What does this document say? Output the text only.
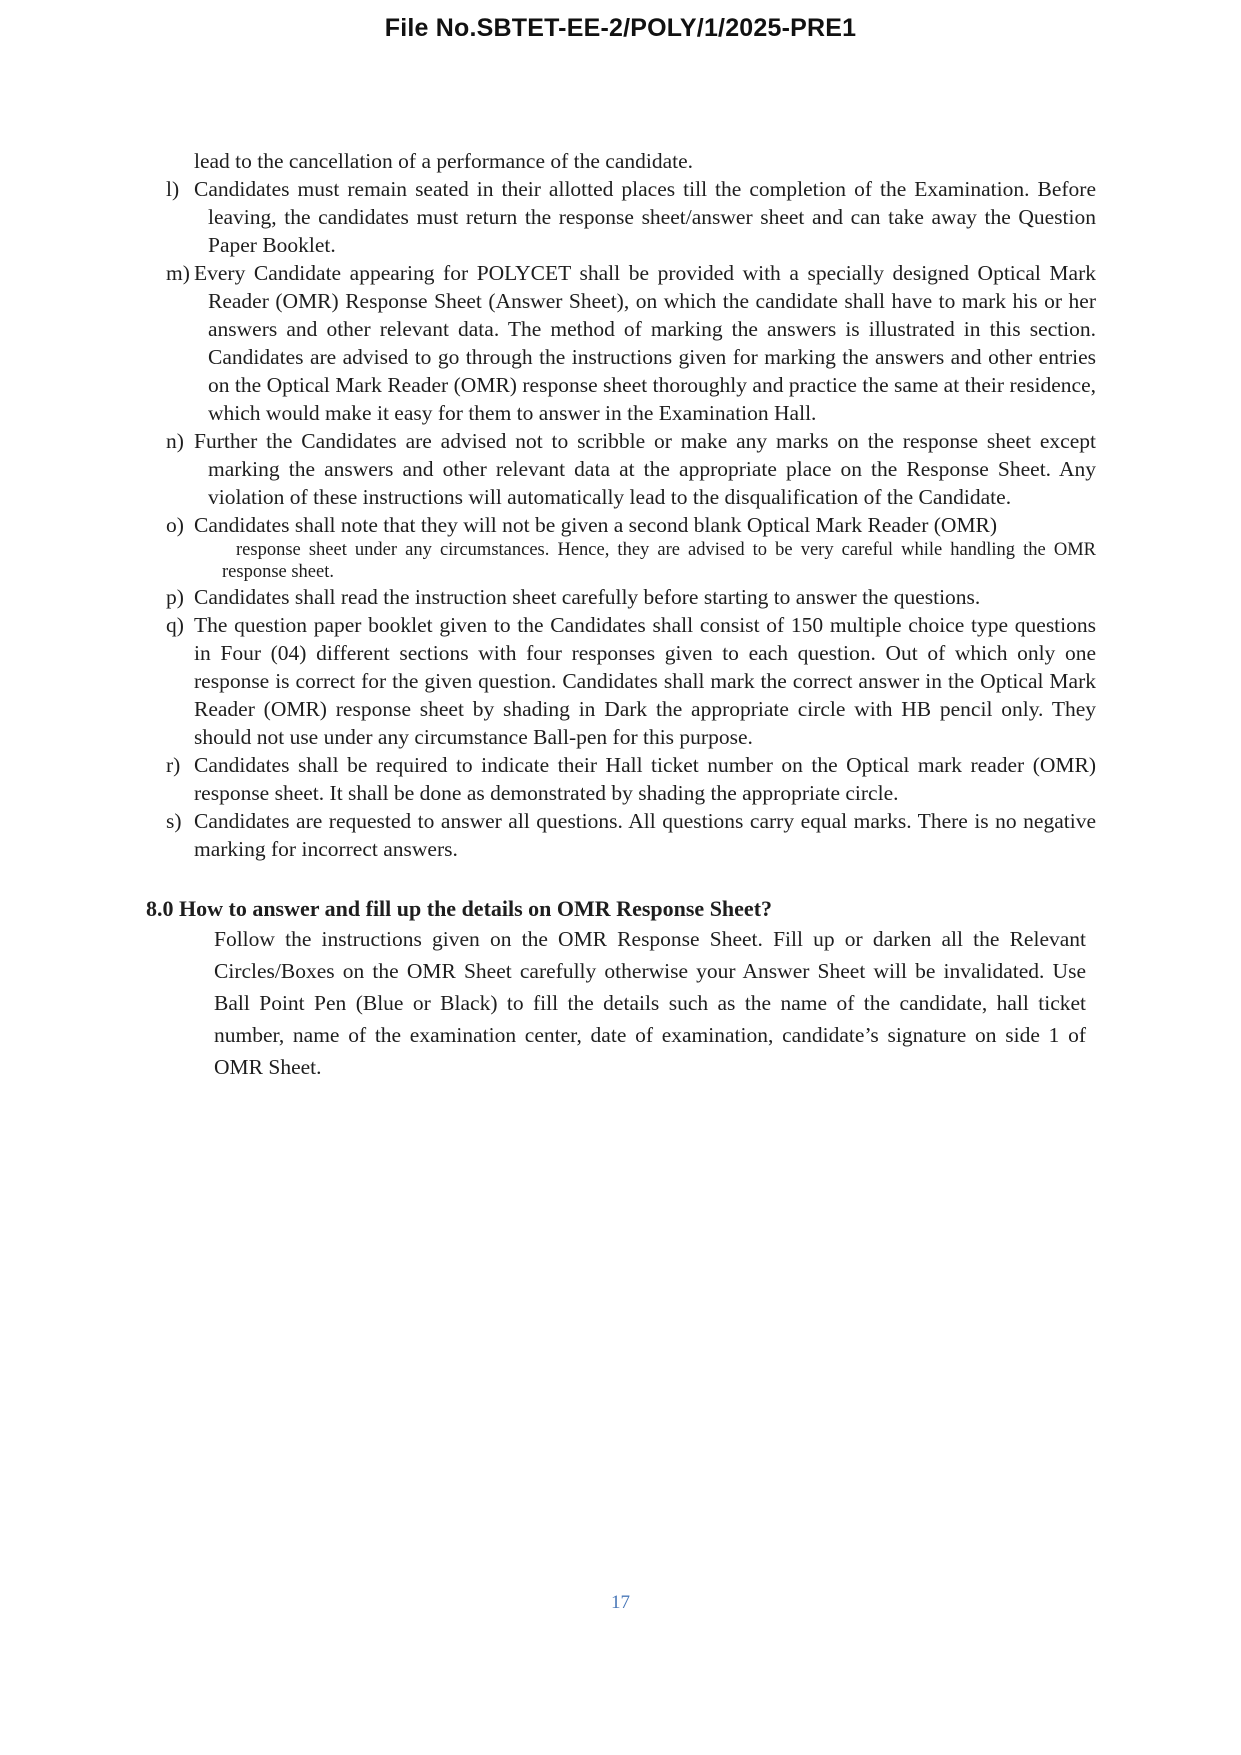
File No.SBTET-EE-2/POLY/1/2025-PRE1

lead to the cancellation of a performance of the candidate.

l) Candidates must remain seated in their allotted places till the completion of the Examination. Before leaving, the candidates must return the response sheet/answer sheet and can take away the Question Paper Booklet.
m) Every Candidate appearing for POLYCET shall be provided with a specially designed Optical Mark Reader (OMR) Response Sheet (Answer Sheet), on which the candidate shall have to mark his or her answers and other relevant data. The method of marking the answers is illustrated in this section. Candidates are advised to go through the instructions given for marking the answers and other entries on the Optical Mark Reader (OMR) response sheet thoroughly and practice the same at their residence, which would make it easy for them to answer in the Examination Hall.
n) Further the Candidates are advised not to scribble or make any marks on the response sheet except marking the answers and other relevant data at the appropriate place on the Response Sheet. Any violation of these instructions will automatically lead to the disqualification of the Candidate.
o) Candidates shall note that they will not be given a second blank Optical Mark Reader (OMR)
response sheet under any circumstances. Hence, they are advised to be very careful while handling the OMR response sheet.
p) Candidates shall read the instruction sheet carefully before starting to answer the questions.
q) The question paper booklet given to the Candidates shall consist of 150 multiple choice type questions in Four (04) different sections with four responses given to each question. Out of which only one response is correct for the given question. Candidates shall mark the correct answer in the Optical Mark Reader (OMR) response sheet by shading in Dark the appropriate circle with HB pencil only. They should not use under any circumstance Ball-pen for this purpose.
r) Candidates shall be required to indicate their Hall ticket number on the Optical mark reader (OMR) response sheet. It shall be done as demonstrated by shading the appropriate circle.
s) Candidates are requested to answer all questions. All questions carry equal marks. There is no negative marking for incorrect answers.
8.0 How to answer and fill up the details on OMR Response Sheet?

Follow the instructions given on the OMR Response Sheet. Fill up or darken all the Relevant Circles/Boxes on the OMR Sheet carefully otherwise your Answer Sheet will be invalidated. Use Ball Point Pen (Blue or Black) to fill the details such as the name of the candidate, hall ticket number, name of the examination center, date of examination, candidate’s signature on side 1 of OMR Sheet.

17
